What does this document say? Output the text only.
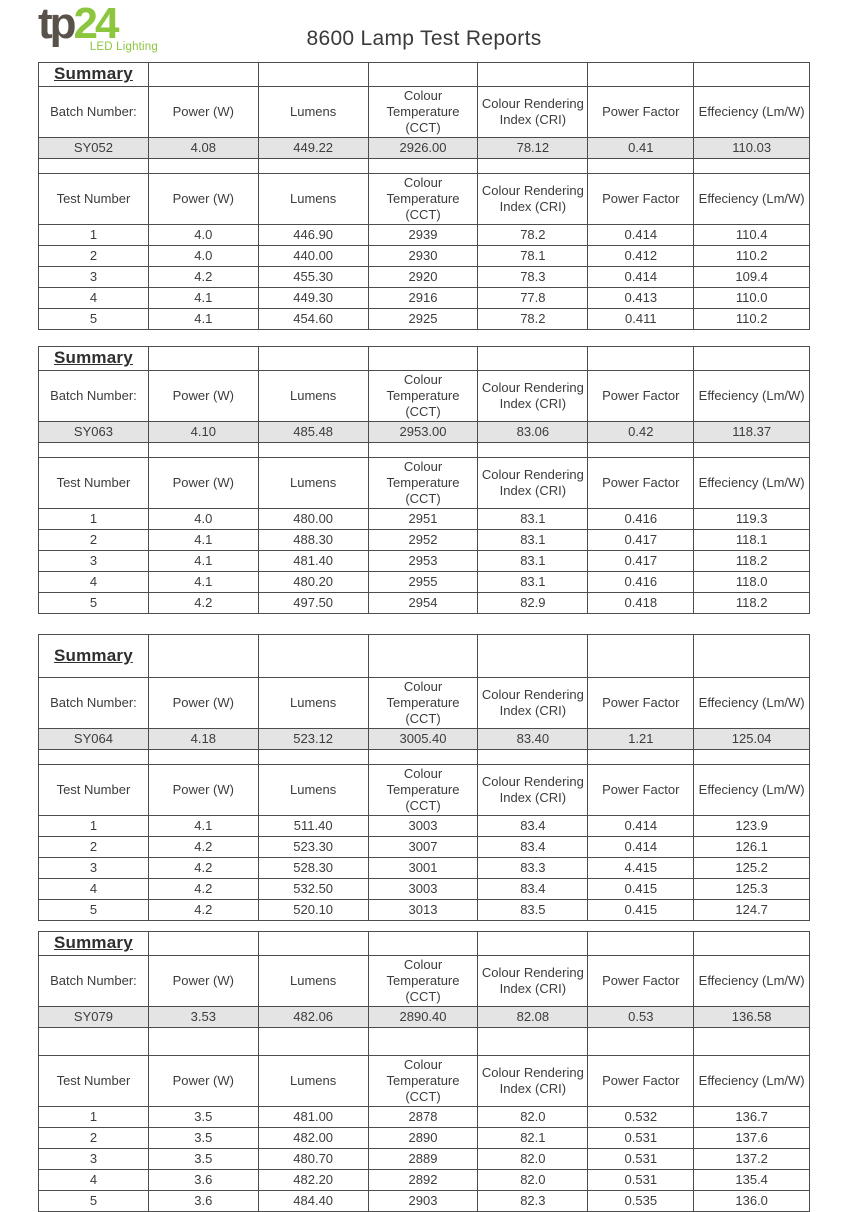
tp24
LED Lighting	8600 Lamp Test Reports
Summary						
Batch Number:	Power (W)	Lumens	Colour Temperature (CCT)	Colour Rendering Index (CRI)	Power Factor	Effeciency (Lm/W)
SY052	4.08	449.22	2926.00	78.12	0.41	110.03

Test Number	Power (W)	Lumens	Colour Temperature (CCT)	Colour Rendering Index (CRI)	Power Factor	Effeciency (Lm/W)
1	4.0	446.90	2939	78.2	0.414	110.4
2	4.0	440.00	2930	78.1	0.412	110.2
3	4.2	455.30	2920	78.3	0.414	109.4
4	4.1	449.30	2916	77.8	0.413	110.0
5	4.1	454.60	2925	78.2	0.411	110.2
Summary						
Batch Number:	Power (W)	Lumens	Colour Temperature (CCT)	Colour Rendering Index (CRI)	Power Factor	Effeciency (Lm/W)
SY063	4.10	485.48	2953.00	83.06	0.42	118.37

Test Number	Power (W)	Lumens	Colour Temperature (CCT)	Colour Rendering Index (CRI)	Power Factor	Effeciency (Lm/W)
1	4.0	480.00	2951	83.1	0.416	119.3
2	4.1	488.30	2952	83.1	0.417	118.1
3	4.1	481.40	2953	83.1	0.417	118.2
4	4.1	480.20	2955	83.1	0.416	118.0
5	4.2	497.50	2954	82.9	0.418	118.2
Summary						
Batch Number:	Power (W)	Lumens	Colour Temperature (CCT)	Colour Rendering Index (CRI)	Power Factor	Effeciency (Lm/W)
SY064	4.18	523.12	3005.40	83.40	1.21	125.04

Test Number	Power (W)	Lumens	Colour Temperature (CCT)	Colour Rendering Index (CRI)	Power Factor	Effeciency (Lm/W)
1	4.1	511.40	3003	83.4	0.414	123.9
2	4.2	523.30	3007	83.4	0.414	126.1
3	4.2	528.30	3001	83.3	4.415	125.2
4	4.2	532.50	3003	83.4	0.415	125.3
5	4.2	520.10	3013	83.5	0.415	124.7
Summary						
Batch Number:	Power (W)	Lumens	Colour Temperature (CCT)	Colour Rendering Index (CRI)	Power Factor	Effeciency (Lm/W)
SY079	3.53	482.06	2890.40	82.08	0.53	136.58

Test Number	Power (W)	Lumens	Colour Temperature (CCT)	Colour Rendering Index (CRI)	Power Factor	Effeciency (Lm/W)
1	3.5	481.00	2878	82.0	0.532	136.7
2	3.5	482.00	2890	82.1	0.531	137.6
3	3.5	480.70	2889	82.0	0.531	137.2
4	3.6	482.20	2892	82.0	0.531	135.4
5	3.6	484.40	2903	82.3	0.535	136.0
